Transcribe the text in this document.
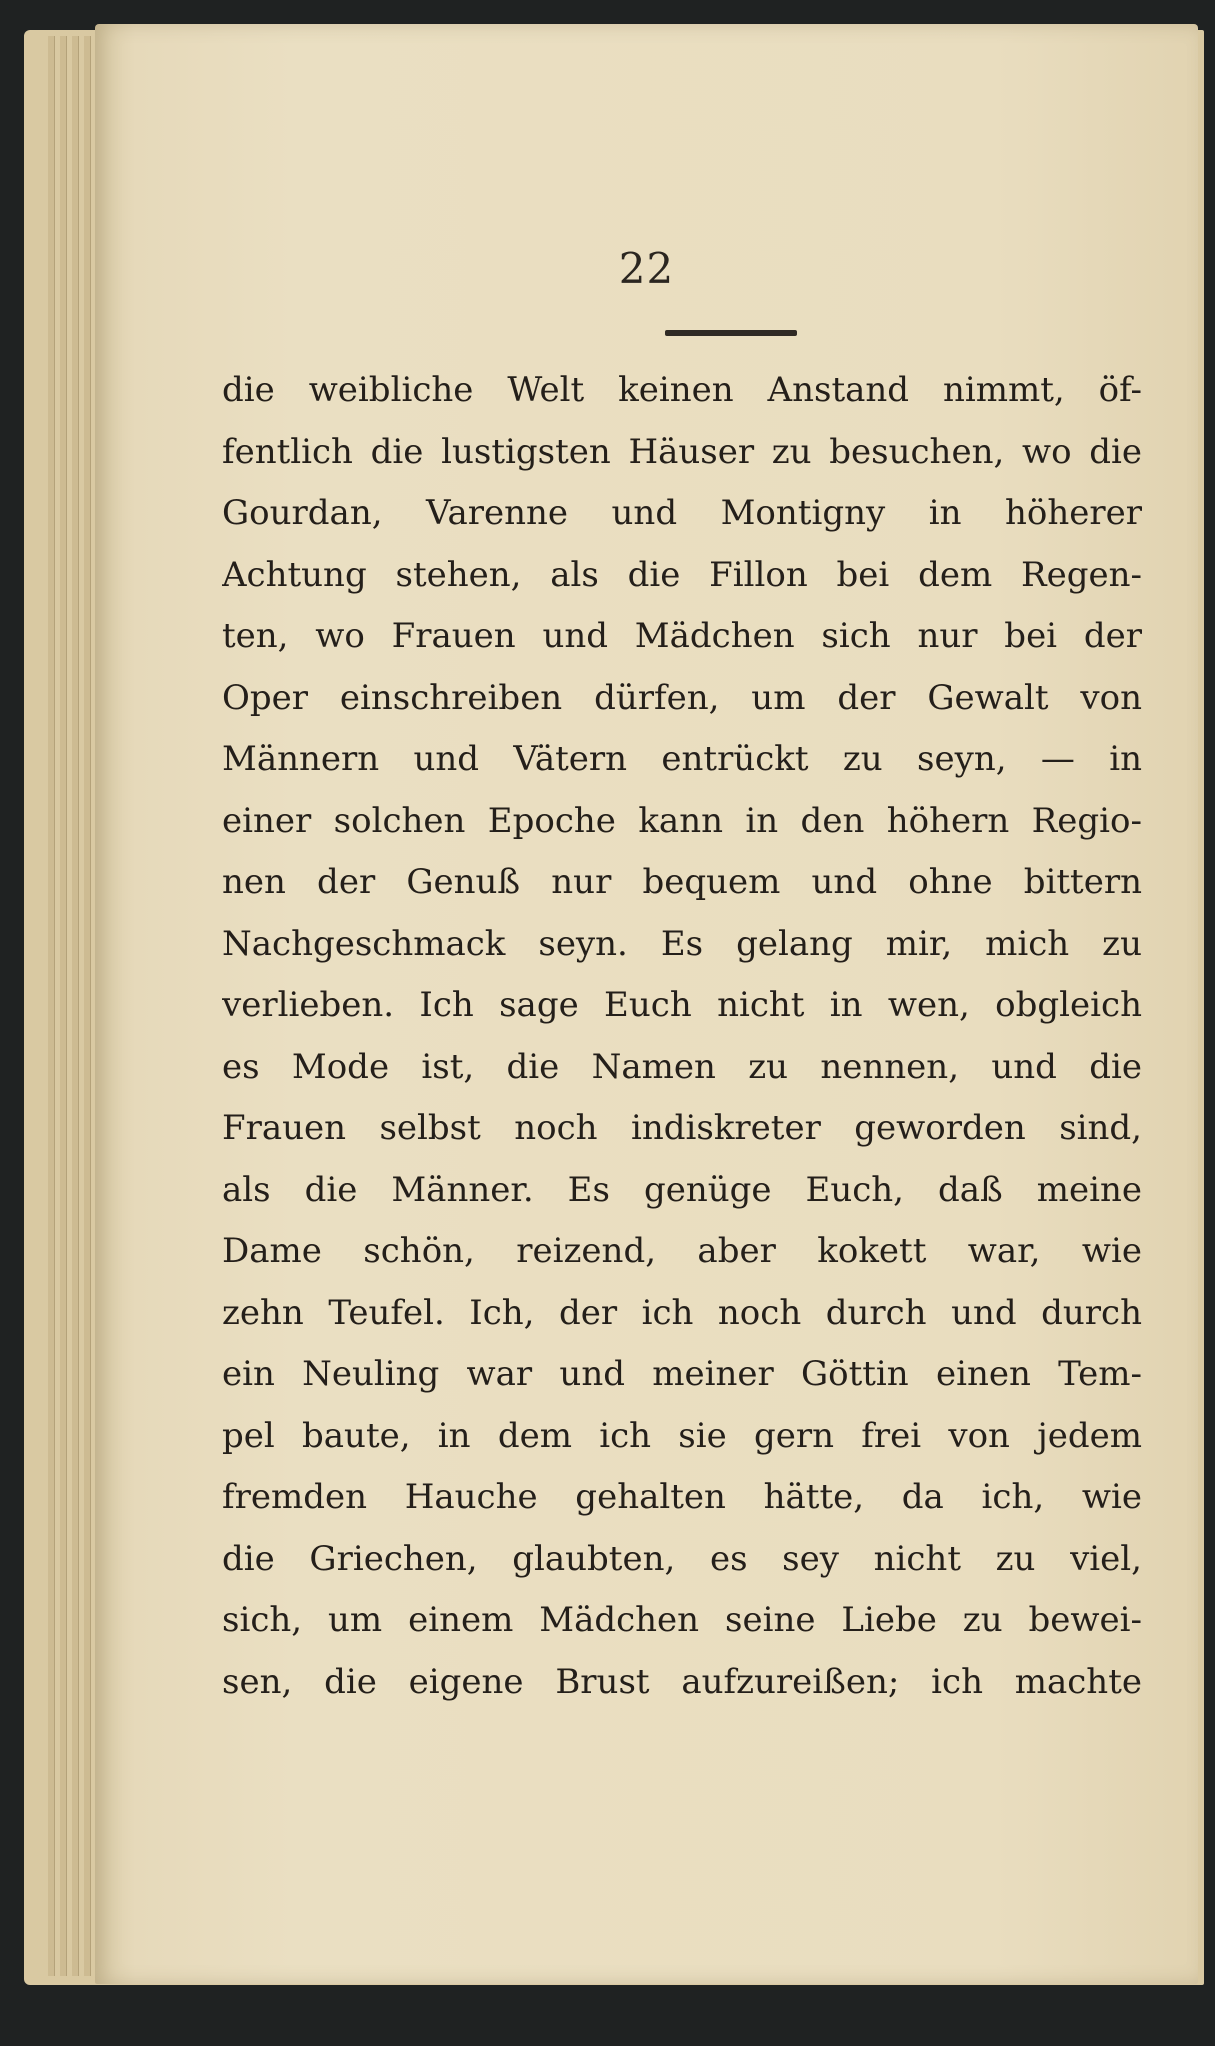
22
die weibliche Welt keinen Anstand nimmt, öf-
fentlich die lustigsten Häuser zu besuchen, wo die
Gourdan, Varenne und Montigny in höherer
Achtung stehen, als die Fillon bei dem Regen-
ten, wo Frauen und Mädchen sich nur bei der
Oper einschreiben dürfen, um der Gewalt von
Männern und Vätern entrückt zu seyn, — in
einer solchen Epoche kann in den höhern Regio-
nen der Genuß nur bequem und ohne bittern
Nachgeschmack seyn. Es gelang mir, mich zu
verlieben. Ich sage Euch nicht in wen, obgleich
es Mode ist, die Namen zu nennen, und die
Frauen selbst noch indiskreter geworden sind,
als die Männer. Es genüge Euch, daß meine
Dame schön, reizend, aber kokett war, wie
zehn Teufel. Ich, der ich noch durch und durch
ein Neuling war und meiner Göttin einen Tem-
pel baute, in dem ich sie gern frei von jedem
fremden Hauche gehalten hätte, da ich, wie
die Griechen, glaubten, es sey nicht zu viel,
sich, um einem Mädchen seine Liebe zu bewei-
sen, die eigene Brust aufzureißen; ich machte
